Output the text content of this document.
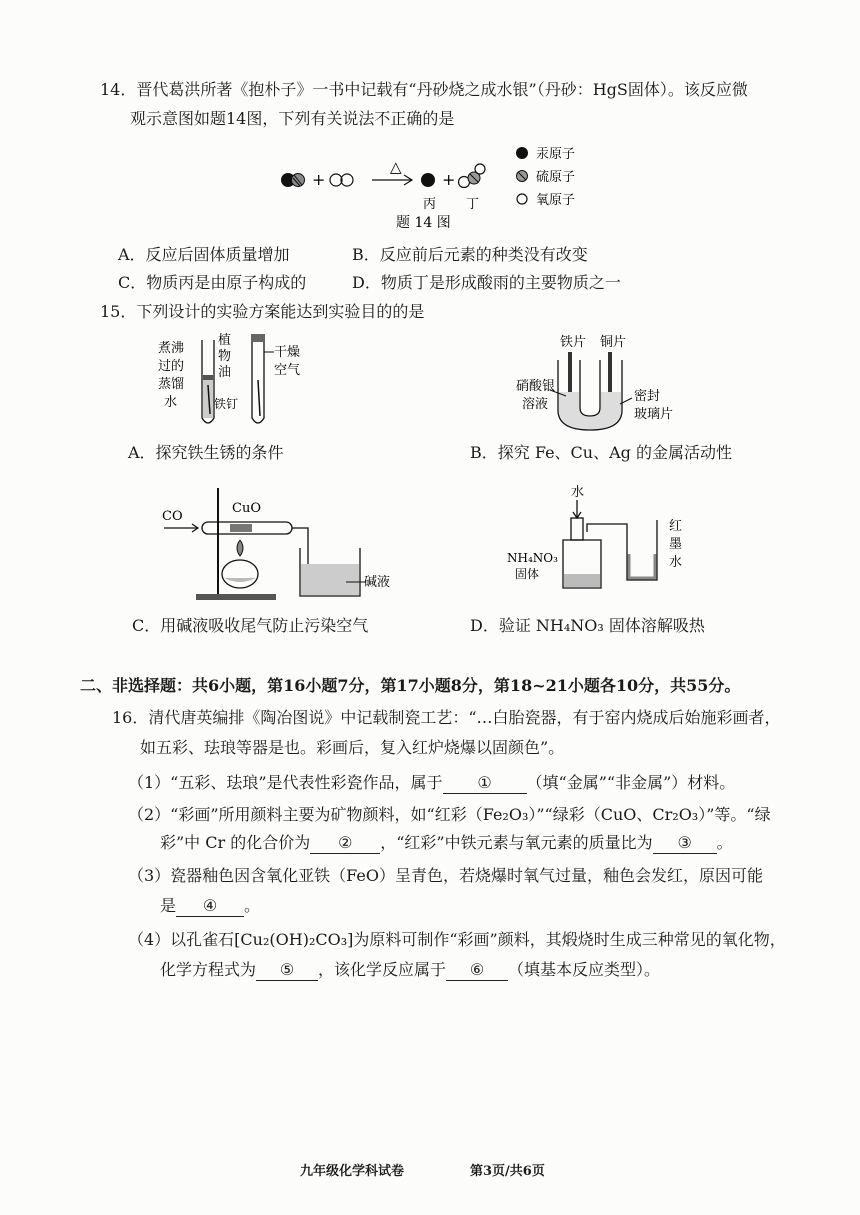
14．晋代葛洪所著《抱朴子》一书中记载有“丹砂烧之成水银”（丹砂：HgS固体）。该反应微
观示意图如题14图，下列有关说法不正确的是
+
△
+
丙 丁
题 14 图
汞原子
硫原子
氧原子
A．反应后固体质量增加	B．反应前后元素的种类没有改变
C．物质丙是由原子构成的	D．物质丁是形成酸雨的主要物质之一
15．下列设计的实验方案能达到实验目的的是
煮沸
过的
蒸馏
水
植
物
油
铁钉
干燥
空气
A．探究铁生锈的条件
铁片 铜片
硝酸银
溶液
密封
玻璃片
B．探究 Fe、Cu、Ag 的金属活动性
CO
CuO
碱液
C．用碱液吸收尾气防止污染空气
水
NH₄NO₃
固体
红
墨
水
D．验证 NH₄NO₃ 固体溶解吸热
二、非选择题：共6小题，第16小题7分，第17小题8分，第18~21小题各10分，共55分。
16．清代唐英编排《陶冶图说》中记载制瓷工艺：“…白胎瓷器，有于窑内烧成后始施彩画者，
如五彩、珐琅等器是也。彩画后，复入红炉烧爆以固颜色”。
（1）“五彩、珐琅”是代表性彩瓷作品，属于 ① （填“金属”“非金属”）材料。
（2）“彩画”所用颜料主要为矿物颜料，如“红彩（Fe₂O₃）”“绿彩（CuO、Cr₂O₃）”等。“绿
彩”中 Cr 的化合价为 ② ，“红彩”中铁元素与氧元素的质量比为 ③ 。
（3）瓷器釉色因含氧化亚铁（FeO）呈青色，若烧爆时氧气过量，釉色会发红，原因可能
是 ④ 。
（4）以孔雀石[Cu₂(OH)₂CO₃]为原料可制作“彩画”颜料，其煅烧时生成三种常见的氧化物，
化学方程式为 ⑤ ，该化学反应属于 ⑥ （填基本反应类型）。
九年级化学科试卷	第3页/共6页
